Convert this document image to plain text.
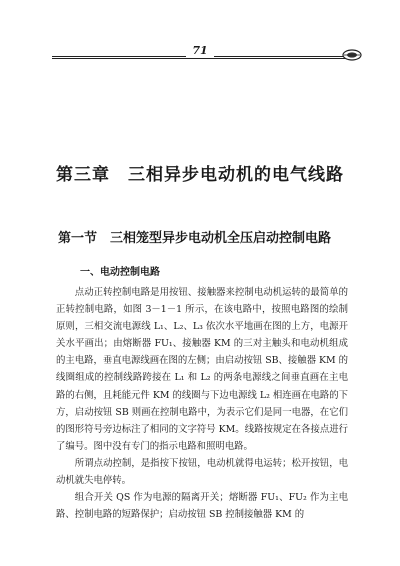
71
第三章　三相异步电动机的电气线路
第一节　三相笼型异步电动机全压启动控制电路
一、电动控制电路

点动正转控制电路是用按钮、接触器来控制电动机运转的最简单的正转控制电路，如图 3－1－1 所示，在该电路中，按照电路图的绘制原则，三相交流电源线 L₁、L₂、L₃ 依次水平地画在图的上方，电源开关水平画出；由熔断器 FU₁、接触器 KM 的三对主触头和电动机组成的主电路，垂直电源线画在图的左侧；由启动按钮 SB、接触器 KM 的线圈组成的控制线路跨接在 L₁ 和 L₂ 的两条电源线之间垂直画在主电路的右侧，且耗能元件 KM 的线圈与下边电源线 L₂ 相连画在电路的下方，启动按钮 SB 则画在控制电路中，为表示它们是同一电器，在它们的图形符号旁边标注了相同的文字符号 KM。线路按规定在各接点进行了编号。图中没有专门的指示电路和照明电路。

所谓点动控制，是指按下按钮，电动机就得电运转；松开按钮，电动机就失电停转。

组合开关 QS 作为电源的隔离开关；熔断器 FU₁、FU₂ 作为主电路、控制电路的短路保护；启动按钮 SB 控制接触器 KM 的
